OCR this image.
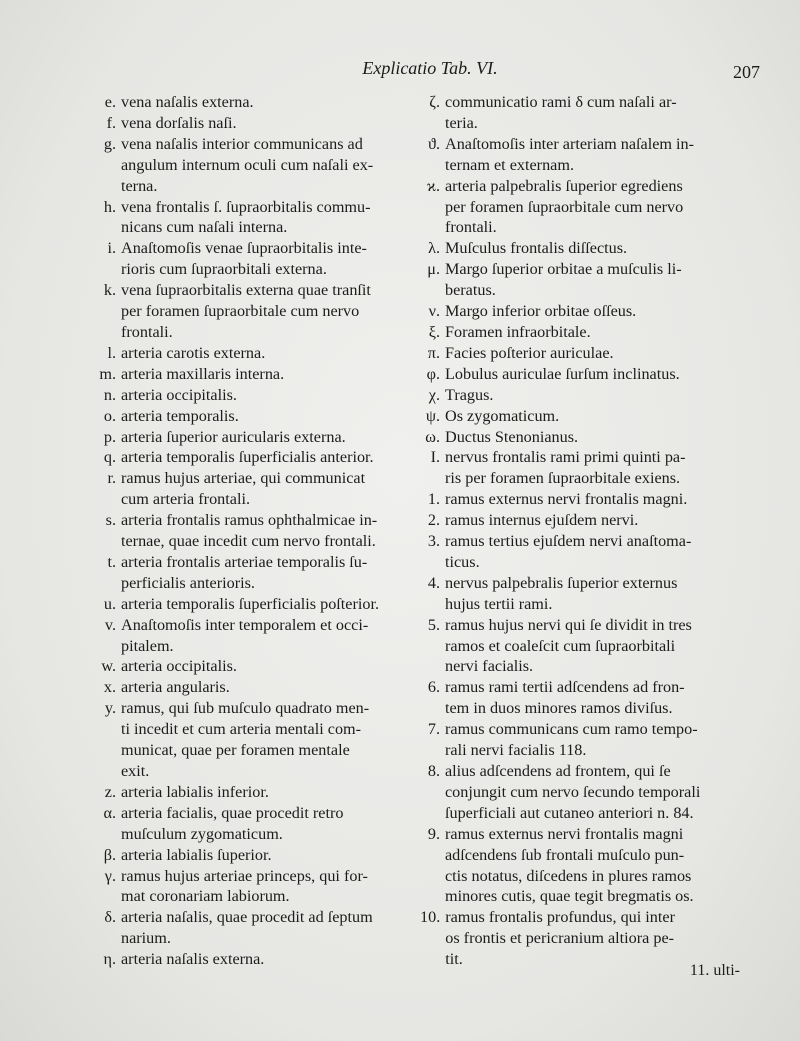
Explicatio Tab. VI.	207
e. vena naſalis externa.
f. vena dorſalis naſi.
g. vena naſalis interior communicans ad
angulum internum oculi cum naſali ex-
terna.
h. vena frontalis ſ. ſupraorbitalis commu-
nicans cum naſali interna.
i. Anaſtomoſis venae ſupraorbitalis inte-
rioris cum ſupraorbitali externa.
k. vena ſupraorbitalis externa quae tranſit
per foramen ſupraorbitale cum nervo
frontali.
l. arteria carotis externa.
m. arteria maxillaris interna.
n. arteria occipitalis.
o. arteria temporalis.
p. arteria ſuperior auricularis externa.
q. arteria temporalis ſuperficialis anterior.
r. ramus hujus arteriae, qui communicat
cum arteria frontali.
s. arteria frontalis ramus ophthalmicae in-
ternae, quae incedit cum nervo frontali.
t. arteria frontalis arteriae temporalis ſu-
perficialis anterioris.
u. arteria temporalis ſuperficialis poſterior.
v. Anaſtomoſis inter temporalem et occi-
pitalem.
w. arteria occipitalis.
x. arteria angularis.
y. ramus, qui ſub muſculo quadrato men-
ti incedit et cum arteria mentali com-
municat, quae per foramen mentale
exit.
z. arteria labialis inferior.
α. arteria facialis, quae procedit retro
muſculum zygomaticum.
β. arteria labialis ſuperior.
γ. ramus hujus arteriae princeps, qui for-
mat coronariam labiorum.
δ. arteria naſalis, quae procedit ad ſeptum
narium.
η. arteria naſalis externa.
ζ. communicatio rami δ cum naſali ar-
teria.
ϑ. Anaſtomoſis inter arteriam naſalem in-
ternam et externam.
ϰ. arteria palpebralis ſuperior egrediens
per foramen ſupraorbitale cum nervo
frontali.
λ. Muſculus frontalis diſſectus.
μ. Margo ſuperior orbitae a muſculis li-
beratus.
ν. Margo inferior orbitae oſſeus.
ξ. Foramen infraorbitale.
π. Facies poſterior auriculae.
φ. Lobulus auriculae ſurſum inclinatus.
χ. Tragus.
ψ. Os zygomaticum.
ω. Ductus Stenonianus.
I. nervus frontalis rami primi quinti pa-
ris per foramen ſupraorbitale exiens.
1. ramus externus nervi frontalis magni.
2. ramus internus ejuſdem nervi.
3. ramus tertius ejuſdem nervi anaſtoma-
ticus.
4. nervus palpebralis ſuperior externus
hujus tertii rami.
5. ramus hujus nervi qui ſe dividit in tres
ramos et coaleſcit cum ſupraorbitali
nervi facialis.
6. ramus rami tertii adſcendens ad fron-
tem in duos minores ramos diviſus.
7. ramus communicans cum ramo tempo-
rali nervi facialis 118.
8. alius adſcendens ad frontem, qui ſe
conjungit cum nervo ſecundo temporali
ſuperficiali aut cutaneo anteriori n. 84.
9. ramus externus nervi frontalis magni
adſcendens ſub frontali muſculo pun-
ctis notatus, diſcedens in plures ramos
minores cutis, quae tegit bregmatis os.
10. ramus frontalis profundus, qui inter
os frontis et pericranium altiora pe-
tit.
11. ulti-
